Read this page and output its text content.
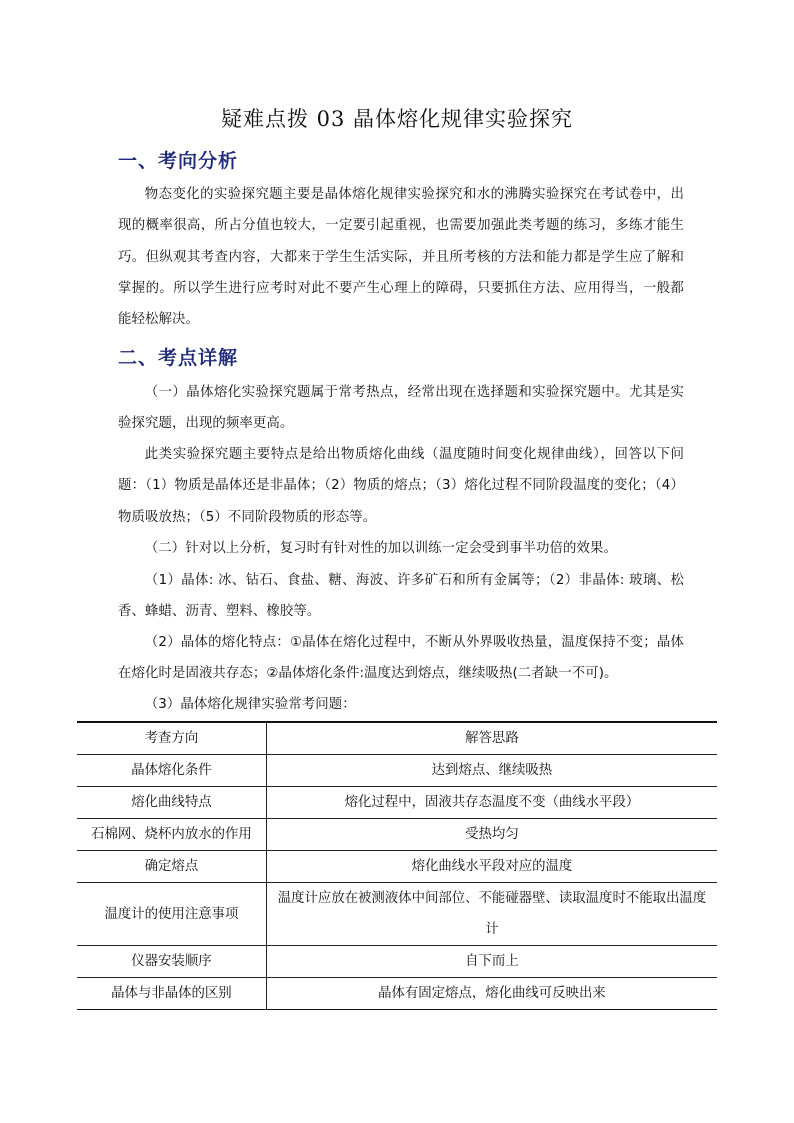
疑难点拨 03 晶体熔化规律实验探究
一、考向分析

物态变化的实验探究题主要是晶体熔化规律实验探究和水的沸腾实验探究在考试卷中，出现的概率很高，所占分值也较大，一定要引起重视，也需要加强此类考题的练习，多练才能生巧。但纵观其考查内容，大都来于学生生活实际，并且所考核的方法和能力都是学生应了解和掌握的。所以学生进行应考时对此不要产生心理上的障碍，只要抓住方法、应用得当，一般都能轻松解决。

二、考点详解

（一）晶体熔化实验探究题属于常考热点，经常出现在选择题和实验探究题中。尤其是实验探究题，出现的频率更高。

此类实验探究题主要特点是给出物质熔化曲线（温度随时间变化规律曲线），回答以下问题：（1）物质是晶体还是非晶体；（2）物质的熔点；（3）熔化过程不同阶段温度的变化；（4）物质吸放热；（5）不同阶段物质的形态等。

（二）针对以上分析，复习时有针对性的加以训练一定会受到事半功倍的效果。

（1）晶体: 冰、钻石、食盐、糖、海波、许多矿石和所有金属等；（2）非晶体: 玻璃、松香、蜂蜡、沥青、塑料、橡胶等。

（2）晶体的熔化特点：①晶体在熔化过程中，不断从外界吸收热量，温度保持不变；晶体在熔化时是固液共存态；②晶体熔化条件:温度达到熔点，继续吸热(二者缺一不可)。

（3）晶体熔化规律实验常考问题：

考查方向	解答思路
晶体熔化条件	达到熔点、继续吸热
熔化曲线特点	熔化过程中，固液共存态温度不变（曲线水平段）
石棉网、烧杯内放水的作用	受热均匀
确定熔点	熔化曲线水平段对应的温度
温度计的使用注意事项	温度计应放在被测液体中间部位、不能碰器壁、读取温度时不能取出温度计
仪器安装顺序	自下而上
晶体与非晶体的区别	晶体有固定熔点，熔化曲线可反映出来
